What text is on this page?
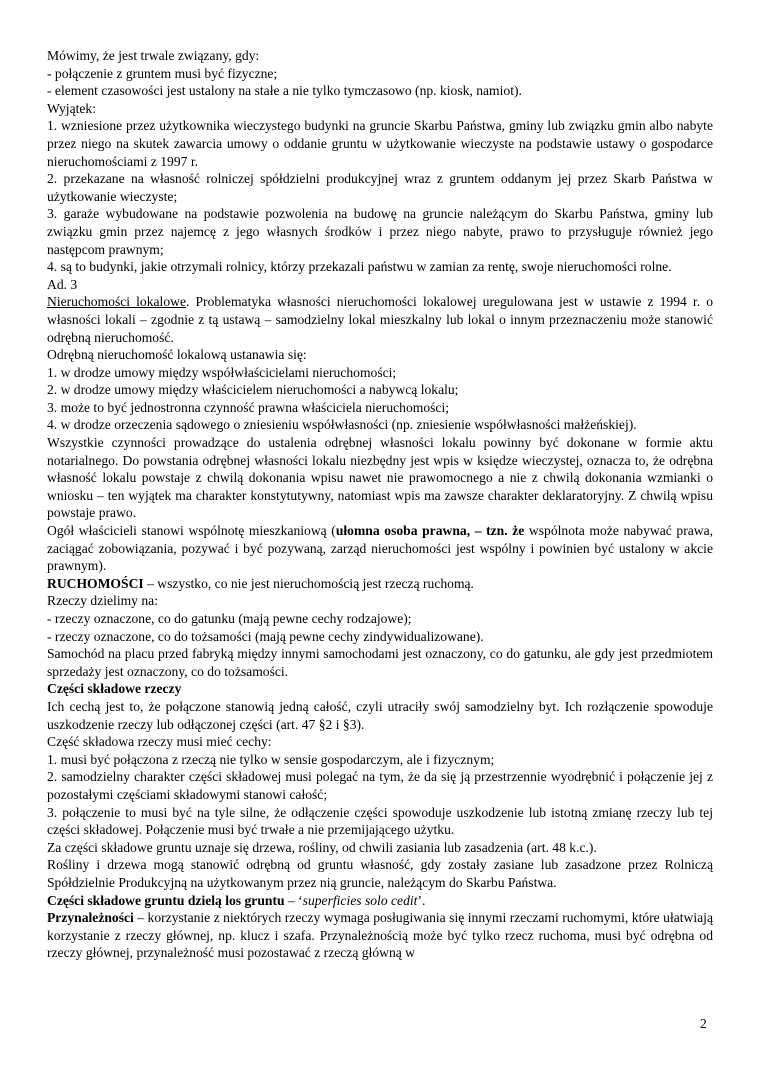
Mówimy, że jest trwale związany, gdy:

- połączenie z gruntem musi być fizyczne;

- element czasowości jest ustalony na stałe a nie tylko tymczasowo (np. kiosk, namiot).

Wyjątek:

1. wzniesione przez użytkownika wieczystego budynki na gruncie Skarbu Państwa, gminy lub związku gmin albo nabyte przez niego na skutek zawarcia umowy o oddanie gruntu w użytkowanie wieczyste na podstawie ustawy o gospodarce nieruchomościami z 1997 r.

2. przekazane na własność rolniczej spółdzielni produkcyjnej wraz z gruntem oddanym jej przez Skarb Państwa w użytkowanie wieczyste;

3. garaże wybudowane na podstawie pozwolenia na budowę na gruncie należącym do Skarbu Państwa, gminy lub związku gmin przez najemcę z jego własnych środków i przez niego nabyte, prawo to przysługuje również jego następcom prawnym;

4. są to budynki, jakie otrzymali rolnicy, którzy przekazali państwu w zamian za rentę, swoje nieruchomości rolne.

Ad. 3

Nieruchomości lokalowe. Problematyka własności nieruchomości lokalowej uregulowana jest w ustawie z 1994 r. o własności lokali – zgodnie z tą ustawą – samodzielny lokal mieszkalny lub lokal o innym przeznaczeniu może stanowić odrębną nieruchomość.

Odrębną nieruchomość lokalową ustanawia się:

1. w drodze umowy między współwłaścicielami nieruchomości;

2. w drodze umowy między właścicielem nieruchomości a nabywcą lokalu;

3. może to być jednostronna czynność prawna właściciela nieruchomości;

4. w drodze orzeczenia sądowego o zniesieniu współwłasności (np. zniesienie współwłasności małżeńskiej).

Wszystkie czynności prowadzące do ustalenia odrębnej własności lokalu powinny być dokonane w formie aktu notarialnego. Do powstania odrębnej własności lokalu niezbędny jest wpis w księdze wieczystej, oznacza to, że odrębna własność lokalu powstaje z chwilą dokonania wpisu nawet nie prawomocnego a nie z chwilą dokonania wzmianki o wniosku – ten wyjątek ma charakter konstytutywny, natomiast wpis ma zawsze charakter deklaratoryjny. Z chwilą wpisu powstaje prawo.

Ogół właścicieli stanowi wspólnotę mieszkaniową (ułomna osoba prawna, – tzn. że wspólnota może nabywać prawa, zaciągać zobowiązania, pozywać i być pozywaną, zarząd nieruchomości jest wspólny i powinien być ustalony w akcie prawnym).

RUCHOMOŚCI – wszystko, co nie jest nieruchomością jest rzeczą ruchomą.

Rzeczy dzielimy na:

- rzeczy oznaczone, co do gatunku (mają pewne cechy rodzajowe);

- rzeczy oznaczone, co do tożsamości (mają pewne cechy zindywidualizowane).

Samochód na placu przed fabryką między innymi samochodami jest oznaczony, co do gatunku, ale gdy jest przedmiotem sprzedaży jest oznaczony, co do tożsamości.

Części składowe rzeczy

Ich cechą jest to, że połączone stanowią jedną całość, czyli utraciły swój samodzielny byt. Ich rozłączenie spowoduje uszkodzenie rzeczy lub odłączonej części (art. 47 §2 i §3).

Część składowa rzeczy musi mieć cechy:

1. musi być połączona z rzeczą nie tylko w sensie gospodarczym, ale i fizycznym;

2. samodzielny charakter części składowej musi polegać na tym, że da się ją przestrzennie wyodrębnić i połączenie jej z pozostałymi częściami składowymi stanowi całość;

3. połączenie to musi być na tyle silne, że odłączenie części spowoduje uszkodzenie lub istotną zmianę rzeczy lub tej części składowej. Połączenie musi być trwałe a nie przemijającego użytku.

Za części składowe gruntu uznaje się drzewa, rośliny, od chwili zasiania lub zasadzenia (art. 48 k.c.).

Rośliny i drzewa mogą stanowić odrębną od gruntu własność, gdy zostały zasiane lub zasadzone przez Rolniczą Spółdzielnie Produkcyjną na użytkowanym przez nią gruncie, należącym do Skarbu Państwa.

Części składowe gruntu dzielą los gruntu – ‘superficies solo cedit’.

Przynależności – korzystanie z niektórych rzeczy wymaga posługiwania się innymi rzeczami ruchomymi, które ułatwiają korzystanie z rzeczy głównej, np. klucz i szafa. Przynależnością może być tylko rzecz ruchoma, musi być odrębna od rzeczy głównej, przynależność musi pozostawać z rzeczą główną w

2
